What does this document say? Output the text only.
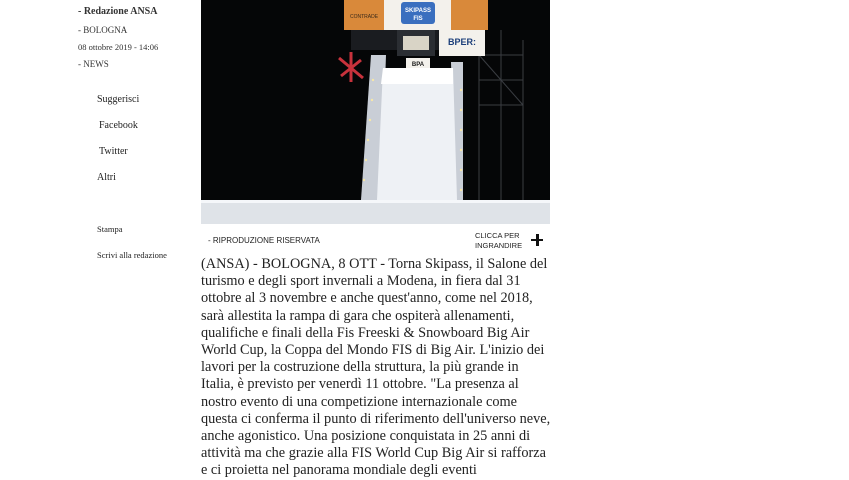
- Redazione ANSA
- BOLOGNA
08 ottobre 2019 - 14:06
- NEWS
Suggerisci
Facebook
Twitter
Altri
Stampa
Scrivi alla redazione
SKIPASS
FIS
CONTRADE
BPER:
BPA
- RIPRODUZIONE RISERVATA
CLICCA PER INGRANDIRE

(ANSA) - BOLOGNA, 8 OTT - Torna Skipass, il Salone del turismo e degli sport invernali a Modena, in fiera dal 31 ottobre al 3 novembre e anche quest'anno, come nel 2018, sarà allestita la rampa di gara che ospiterà allenamenti, qualifiche e finali della Fis Freeski & Snowboard Big Air World Cup, la Coppa del Mondo FIS di Big Air. L'inizio dei lavori per la costruzione della struttura, la più grande in Italia, è previsto per venerdì 11 ottobre. "La presenza al nostro evento di una competizione internazionale come questa ci conferma il punto di riferimento dell'universo neve, anche agonistico. Una posizione conquistata in 25 anni di attività ma che grazie alla FIS World Cup Big Air si rafforza e ci proietta nel panorama mondiale degli eventi
